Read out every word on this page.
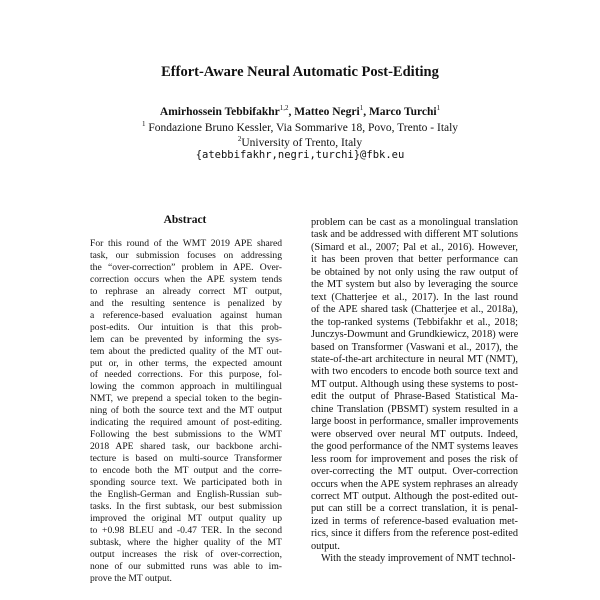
Effort-Aware Neural Automatic Post-Editing
Amirhossein Tebbifakhr$^{1,2}$, Matteo Negri$^1$, Marco Turchi$^1$
$^1$ Fondazione Bruno Kessler, Via Sommarive 18, Povo, Trento - Italy
$^2$University of Trento, Italy
{atebbifakhr,negri,turchi}@fbk.eu
Abstract
For this round of the WMT 2019 APE shared
task, our submission focuses on addressing
the “over-correction” problem in APE. Over-
correction occurs when the APE system tends
to rephrase an already correct MT output,
and the resulting sentence is penalized by
a reference-based evaluation against human
post-edits. Our intuition is that this prob-
lem can be prevented by informing the sys-
tem about the predicted quality of the MT out-
put or, in other terms, the expected amount
of needed corrections. For this purpose, fol-
lowing the common approach in multilingual
NMT, we prepend a special token to the begin-
ning of both the source text and the MT output
indicating the required amount of post-editing.
Following the best submissions to the WMT
2018 APE shared task, our backbone archi-
tecture is based on multi-source Transformer
to encode both the MT output and the corre-
sponding source text. We participated both in
the English-German and English-Russian sub-
tasks. In the first subtask, our best submission
improved the original MT output quality up
to +0.98 BLEU and -0.47 TER. In the second
subtask, where the higher quality of the MT
output increases the risk of over-correction,
none of our submitted runs was able to im-
prove the MT output.
problem can be cast as a monolingual translation
task and be addressed with different MT solutions
(Simard et al., 2007; Pal et al., 2016). However,
it has been proven that better performance can
be obtained by not only using the raw output of
the MT system but also by leveraging the source
text (Chatterjee et al., 2017). In the last round
of the APE shared task (Chatterjee et al., 2018a),
the top-ranked systems (Tebbifakhr et al., 2018;
Junczys-Dowmunt and Grundkiewicz, 2018) were
based on Transformer (Vaswani et al., 2017), the
state-of-the-art architecture in neural MT (NMT),
with two encoders to encode both source text and
MT output. Although using these systems to post-
edit the output of Phrase-Based Statistical Ma-
chine Translation (PBSMT) system resulted in a
large boost in performance, smaller improvements
were observed over neural MT outputs. Indeed,
the good performance of the NMT systems leaves
less room for improvement and poses the risk of
over-correcting the MT output. Over-correction
occurs when the APE system rephrases an already
correct MT output. Although the post-edited out-
put can still be a correct translation, it is penal-
ized in terms of reference-based evaluation met-
rics, since it differs from the reference post-edited
output.
With the steady improvement of NMT technol-
